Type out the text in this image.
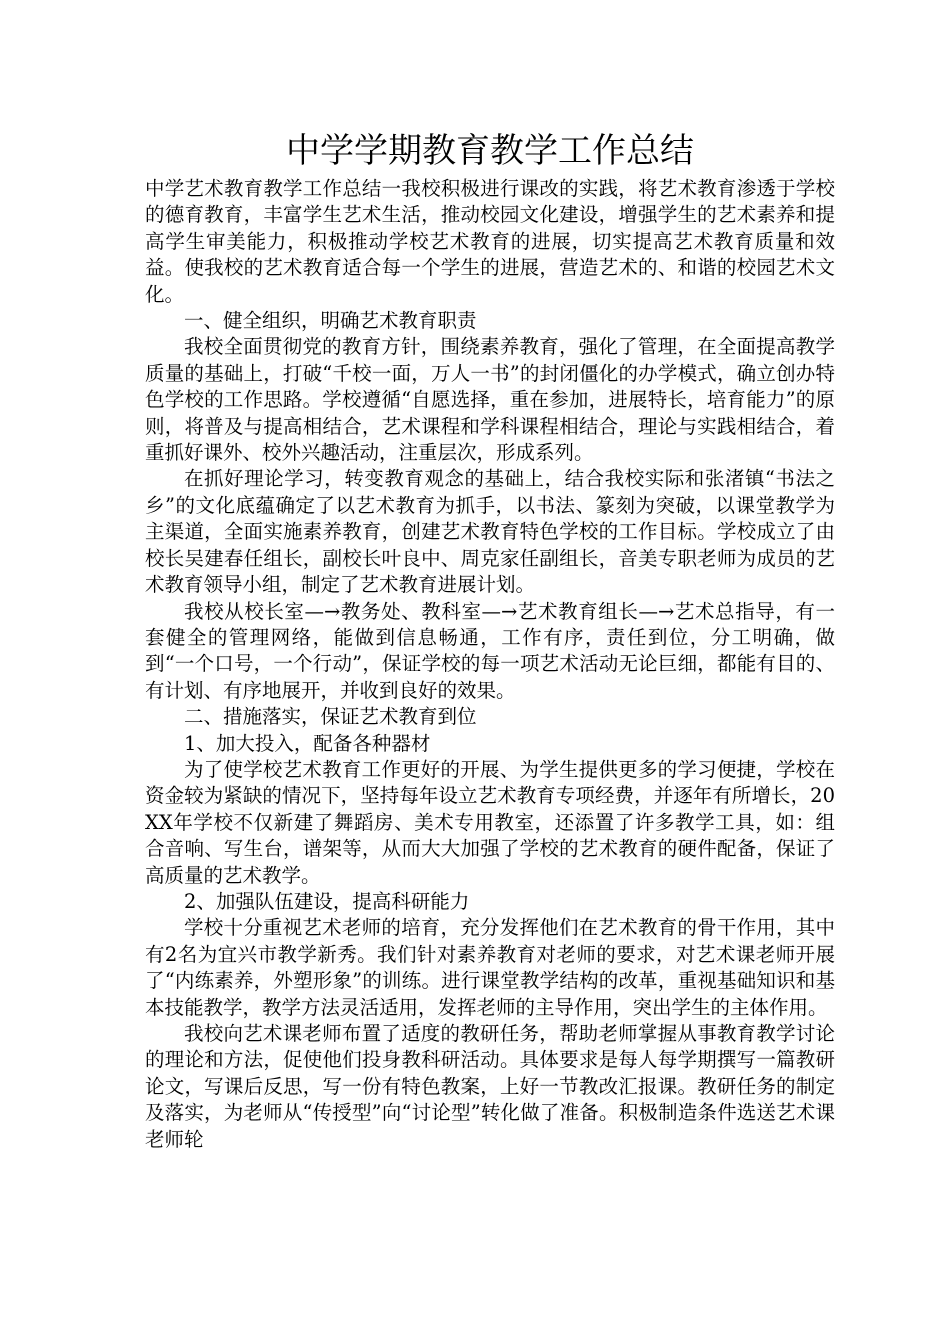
中学学期教育教学工作总结

中学艺术教育教学工作总结一我校积极进行课改的实践，将艺术教育渗透于学校的德育教育，丰富学生艺术生活，推动校园文化建设，增强学生的艺术素养和提高学生审美能力，积极推动学校艺术教育的进展，切实提高艺术教育质量和效益。使我校的艺术教育适合每一个学生的进展，营造艺术的、和谐的校园艺术文化。

一、健全组织，明确艺术教育职责

我校全面贯彻党的教育方针，围绕素养教育，强化了管理，在全面提高教学质量的基础上，打破“千校一面，万人一书”的封闭僵化的办学模式，确立创办特色学校的工作思路。学校遵循“自愿选择，重在参加，进展特长，培育能力”的原则，将普及与提高相结合，艺术课程和学科课程相结合，理论与实践相结合，着重抓好课外、校外兴趣活动，注重层次，形成系列。

在抓好理论学习，转变教育观念的基础上，结合我校实际和张渚镇“书法之乡”的文化底蕴确定了以艺术教育为抓手，以书法、篆刻为突破，以课堂教学为主渠道，全面实施素养教育，创建艺术教育特色学校的工作目标。学校成立了由校长吴建春任组长，副校长叶良中、周克家任副组长，音美专职老师为成员的艺术教育领导小组，制定了艺术教育进展计划。

我校从校长室—→教务处、教科室—→艺术教育组长—→艺术总指导，有一套健全的管理网络，能做到信息畅通，工作有序，责任到位，分工明确，做到“一个口号，一个行动”，保证学校的每一项艺术活动无论巨细，都能有目的、有计划、有序地展开，并收到良好的效果。

二、措施落实，保证艺术教育到位

1、加大投入，配备各种器材

为了使学校艺术教育工作更好的开展、为学生提供更多的学习便捷，学校在资金较为紧缺的情况下，坚持每年设立艺术教育专项经费，并逐年有所增长，20XX年学校不仅新建了舞蹈房、美术专用教室，还添置了许多教学工具，如：组合音响、写生台，谱架等，从而大大加强了学校的艺术教育的硬件配备，保证了高质量的艺术教学。

2、加强队伍建设，提高科研能力

学校十分重视艺术老师的培育，充分发挥他们在艺术教育的骨干作用，其中有2名为宜兴市教学新秀。我们针对素养教育对老师的要求，对艺术课老师开展了“内练素养，外塑形象”的训练。进行课堂教学结构的改革，重视基础知识和基本技能教学，教学方法灵活适用，发挥老师的主导作用，突出学生的主体作用。

我校向艺术课老师布置了适度的教研任务，帮助老师掌握从事教育教学讨论的理论和方法，促使他们投身教科研活动。具体要求是每人每学期撰写一篇教研论文，写课后反思，写一份有特色教案，上好一节教改汇报课。教研任务的制定及落实，为老师从“传授型”向“讨论型”转化做了准备。积极制造条件选送艺术课老师轮
